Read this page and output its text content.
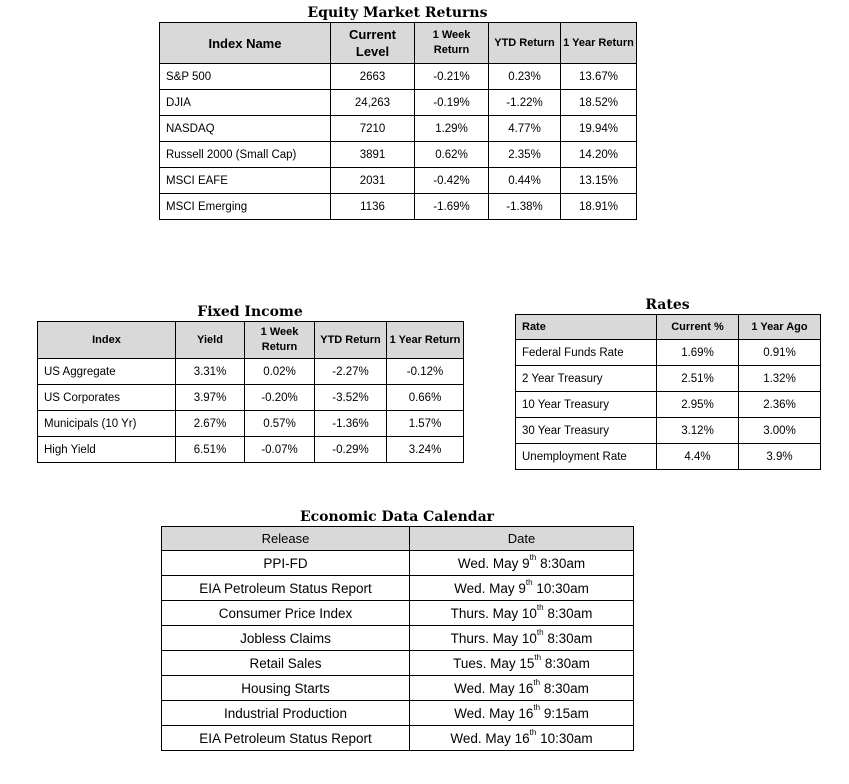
Equity Market Returns
Index Name	Current Level	1 Week Return	YTD Return	1 Year Return
S&P 500	2663	-0.21%	0.23%	13.67%
DJIA	24,263	-0.19%	-1.22%	18.52%
NASDAQ	7210	1.29%	4.77%	19.94%
Russell 2000 (Small Cap)	3891	0.62%	2.35%	14.20%
MSCI EAFE	2031	-0.42%	0.44%	13.15%
MSCI Emerging	1136	-1.69%	-1.38%	18.91%
Fixed Income
Index	Yield	1 Week Return	YTD Return	1 Year Return
US Aggregate	3.31%	0.02%	-2.27%	-0.12%
US Corporates	3.97%	-0.20%	-3.52%	0.66%
Municipals (10 Yr)	2.67%	0.57%	-1.36%	1.57%
High Yield	6.51%	-0.07%	-0.29%	3.24%
Rates
Rate	Current %	1 Year Ago
Federal Funds Rate	1.69%	0.91%
2 Year Treasury	2.51%	1.32%
10 Year Treasury	2.95%	2.36%
30 Year Treasury	3.12%	3.00%
Unemployment Rate	4.4%	3.9%
Economic Data Calendar
Release	Date
PPI-FD	Wed. May 9th 8:30am
EIA Petroleum Status Report	Wed. May 9th 10:30am
Consumer Price Index	Thurs. May 10th 8:30am
Jobless Claims	Thurs. May 10th 8:30am
Retail Sales	Tues. May 15th 8:30am
Housing Starts	Wed. May 16th 8:30am
Industrial Production	Wed. May 16th 9:15am
EIA Petroleum Status Report	Wed. May 16th 10:30am
